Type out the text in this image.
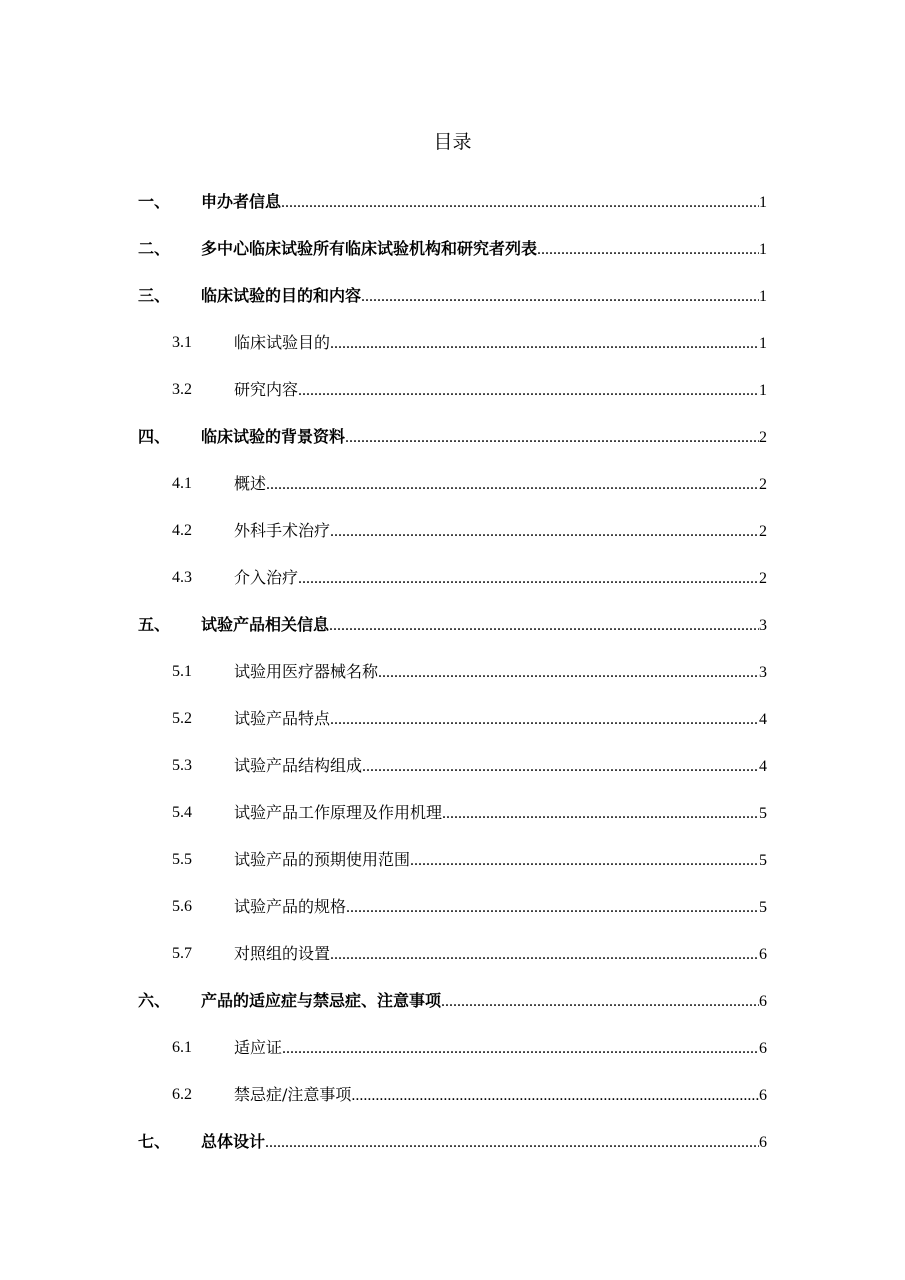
目录
一、 申办者信息 .....	1
二、 多中心临床试验所有临床试验机构和研究者列表 .....	1
三、 临床试验的目的和内容 .....	1
3.1	临床试验目的 .....	1
3.2	研究内容 .....	1
四、 临床试验的背景资料 .....	2
4.1	概述 .....	2
4.2	外科手术治疗 .....	2
4.3	介入治疗 .....	2
五、 试验产品相关信息 .....	3
5.1	试验用医疗器械名称 .....	3
5.2	试验产品特点 .....	4
5.3	试验产品结构组成 .....	4
5.4	试验产品工作原理及作用机理 .....	5
5.5	试验产品的预期使用范围 .....	5
5.6	试验产品的规格 .....	5
5.7	对照组的设置 .....	6
六、 产品的适应症与禁忌症、注意事项 .....	6
6.1	适应证 .....	6
6.2	禁忌症/注意事项 .....	6
七、 总体设计 .....	6
